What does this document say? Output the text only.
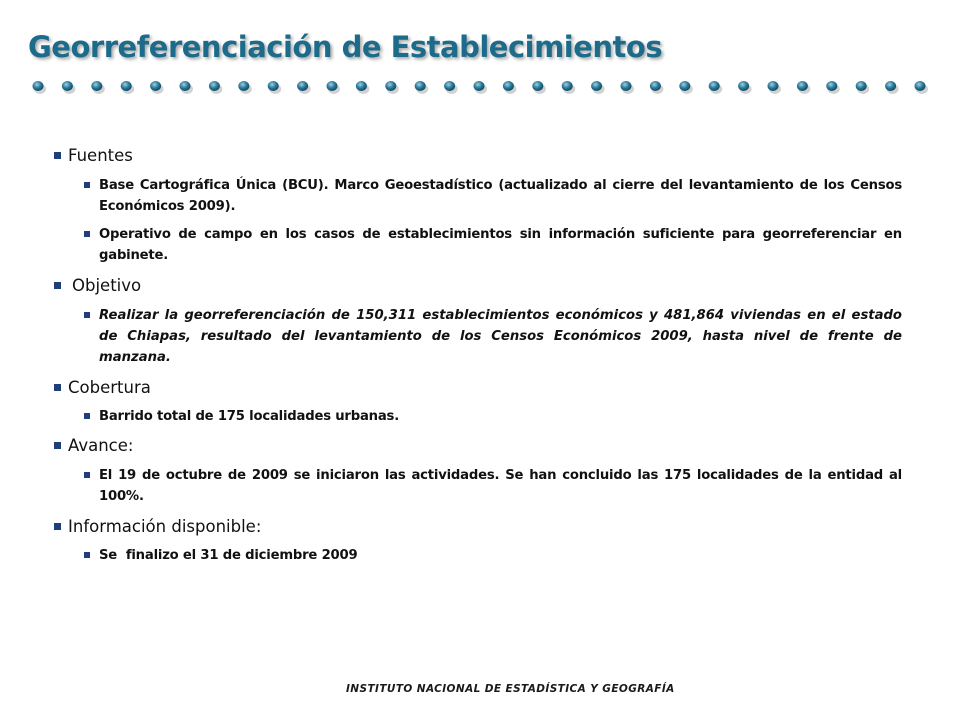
Georreferenciación de Establecimientos
Fuentes
Base Cartográfica Única (BCU). Marco Geoestadístico (actualizado al cierre del levantamiento de los Censos Económicos 2009).
Operativo de campo en los casos de establecimientos sin información suficiente para georreferenciar en gabinete.
Objetivo
Realizar la georreferenciación de 150,311 establecimientos económicos y 481,864 viviendas en el estado de Chiapas, resultado del levantamiento de los Censos Económicos 2009, hasta nivel de frente de manzana.
Cobertura
Barrido total de 175 localidades urbanas.
Avance:
El 19 de octubre de 2009 se iniciaron las actividades. Se han concluido las 175 localidades de la entidad al 100%.
Información disponible:
Se  finalizo el 31 de diciembre 2009
INSTITUTO NACIONAL DE ESTADÍSTICA Y GEOGRAFÍA
